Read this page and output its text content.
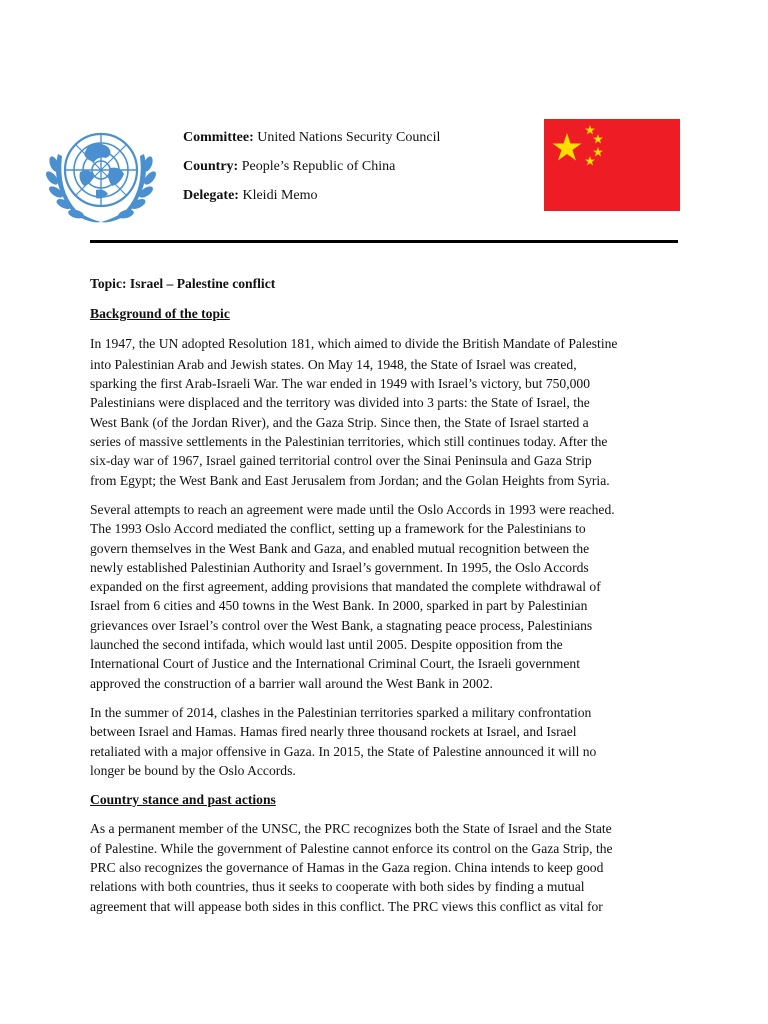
Committee: United Nations Security Council
Country: People’s Republic of China
Delegate: Kleidi Memo

Topic: Israel – Palestine conflict

Background of the topic

In 1947, the UN adopted Resolution 181, which aimed to divide the British Mandate of Palestine
into Palestinian Arab and Jewish states. On May 14, 1948, the State of Israel was created,
sparking the first Arab-Israeli War. The war ended in 1949 with Israel’s victory, but 750,000
Palestinians were displaced and the territory was divided into 3 parts: the State of Israel, the
West Bank (of the Jordan River), and the Gaza Strip. Since then, the State of Israel started a
series of massive settlements in the Palestinian territories, which still continues today. After the
six-day war of 1967, Israel gained territorial control over the Sinai Peninsula and Gaza Strip
from Egypt; the West Bank and East Jerusalem from Jordan; and the Golan Heights from Syria.

Several attempts to reach an agreement were made until the Oslo Accords in 1993 were reached.
The 1993 Oslo Accord mediated the conflict, setting up a framework for the Palestinians to
govern themselves in the West Bank and Gaza, and enabled mutual recognition between the
newly established Palestinian Authority and Israel’s government. In 1995, the Oslo Accords
expanded on the first agreement, adding provisions that mandated the complete withdrawal of
Israel from 6 cities and 450 towns in the West Bank. In 2000, sparked in part by Palestinian
grievances over Israel’s control over the West Bank, a stagnating peace process, Palestinians
launched the second intifada, which would last until 2005. Despite opposition from the
International Court of Justice and the International Criminal Court, the Israeli government
approved the construction of a barrier wall around the West Bank in 2002.

In the summer of 2014, clashes in the Palestinian territories sparked a military confrontation
between Israel and Hamas. Hamas fired nearly three thousand rockets at Israel, and Israel
retaliated with a major offensive in Gaza. In 2015, the State of Palestine announced it will no
longer be bound by the Oslo Accords.

Country stance and past actions

As a permanent member of the UNSC, the PRC recognizes both the State of Israel and the State
of Palestine. While the government of Palestine cannot enforce its control on the Gaza Strip, the
PRC also recognizes the governance of Hamas in the Gaza region. China intends to keep good
relations with both countries, thus it seeks to cooperate with both sides by finding a mutual
agreement that will appease both sides in this conflict. The PRC views this conflict as vital for
